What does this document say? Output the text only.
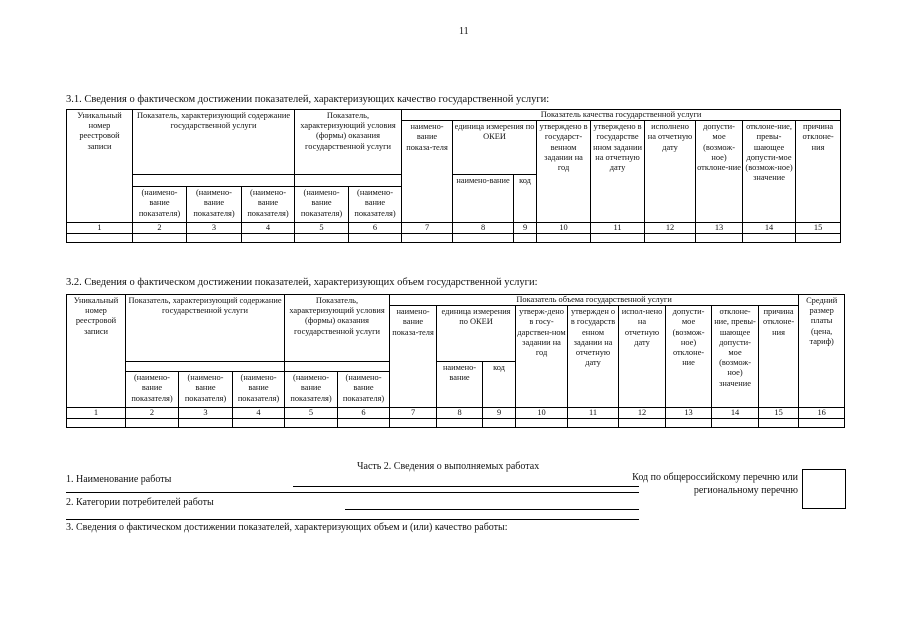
11
3.1. Сведения о фактическом достижении показателей, характеризующих качество государственной услуги:
Уникальный номер реестровой записи	Показатель, характеризующий содержание государственной услуги			Показатель, характеризующий условия (формы) оказания государственной услуги		Показатель качества государственной услуги								
						наимено-вание показа-теля	единица измерения по ОКЕИ		утверждено в государст-венном задании на год	утверждено в государстве нном задании на отчетную дату	исполнено на отчетную дату	допусти-мое (возмож-ное) отклоне-ние	отклоне-ние, превы-шающее допусти-мое (возмож-ное) значение	причина отклоне-ния
							наимено-вание	код						
	(наимено-вание показателя)	(наимено-вание показателя)	(наимено-вание показателя)	(наимено-вание показателя)	(наимено-вание показателя)									
1	2	3	4	5	6	7	8	9	10	11	12	13	14	15

3.2. Сведения о фактическом достижении показателей, характеризующих объем государственной услуги:
Уникальный номер реестровой записи	Показатель, характеризующий содержание государственной услуги			Показатель, характеризующий условия (формы) оказания государственной услуги		Показатель объема государственной услуги									Средний размер платы (цена, тариф)
						наимено-вание показа-теля	единица измерения по ОКЕИ		утверж-дено в госу-дарствен-ном задании на год	утвержден о в государств енном задании на отчетную дату	испол-нено на отчетную дату	допусти-мое (возмож-ное) отклоне-ние	отклоне-ние, превы-шающее допусти-мое (возмож-ное) значение	причина отклоне-ния	
							наимено-вание	код							
	(наимено-вание показателя)	(наимено-вание показателя)	(наимено-вание показателя)	(наимено-вание показателя)	(наимено-вание показателя)										
1	2	3	4	5	6	7	8	9	10	11	12	13	14	15	16

Часть 2. Сведения о выполняемых работах
1. Наименование работы
2. Категории потребителей работы
Код по общероссийскому перечню или региональному перечню
3. Сведения о фактическом достижении показателей, характеризующих объем и (или) качество работы:
